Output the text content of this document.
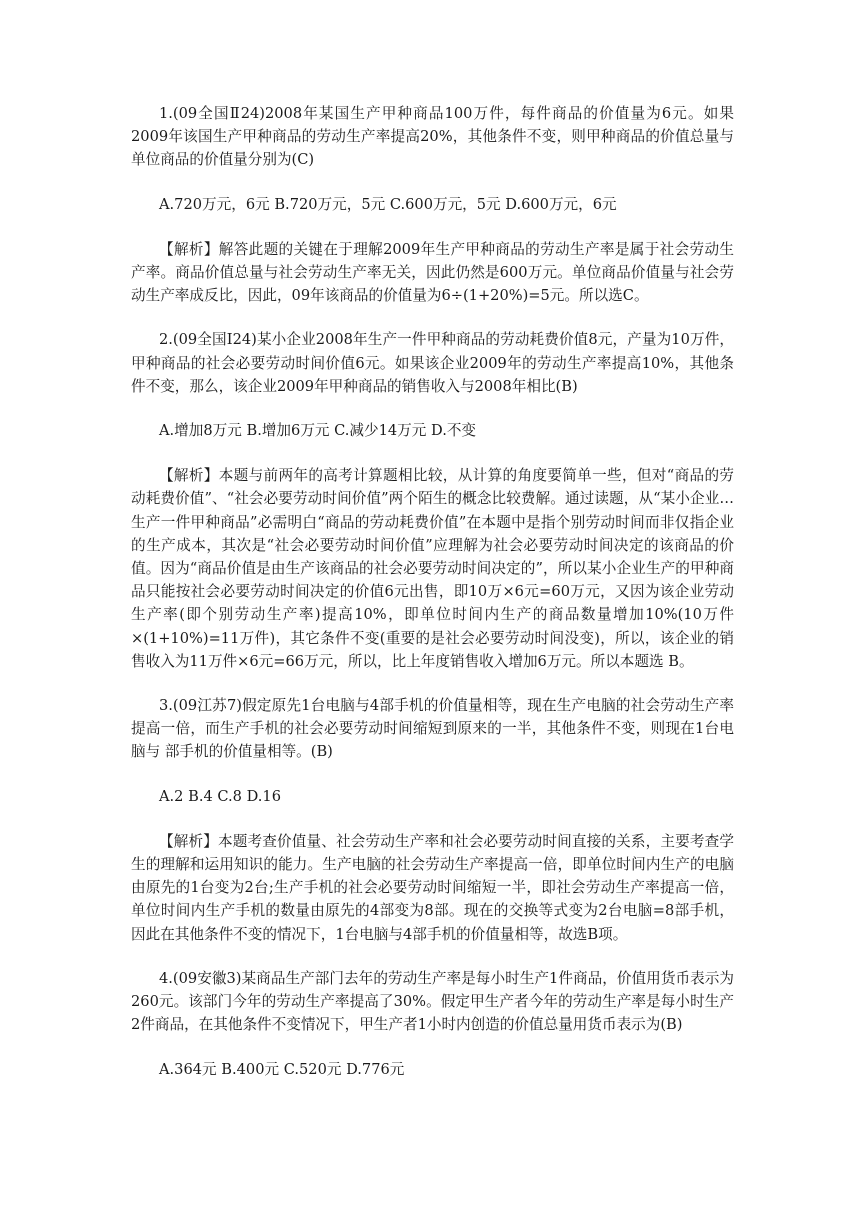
1.(09全国Ⅱ24)2008年某国生产甲种商品100万件，每件商品的价值量为6元。如果2009年该国生产甲种商品的劳动生产率提高20%，其他条件不变，则甲种商品的价值总量与单位商品的价值量分别为(C)

A.720万元，6元 B.720万元，5元 C.600万元，5元 D.600万元，6元

【解析】解答此题的关键在于理解2009年生产甲种商品的劳动生产率是属于社会劳动生产率。商品价值总量与社会劳动生产率无关，因此仍然是600万元。单位商品价值量与社会劳动生产率成反比，因此，09年该商品的价值量为6÷(1+20%)=5元。所以选C。

2.(09全国Ⅰ24)某小企业2008年生产一件甲种商品的劳动耗费价值8元，产量为10万件，甲种商品的社会必要劳动时间价值6元。如果该企业2009年的劳动生产率提高10%，其他条件不变，那么，该企业2009年甲种商品的销售收入与2008年相比(B)

A.增加8万元 B.增加6万元 C.减少14万元 D.不变

【解析】本题与前两年的高考计算题相比较，从计算的角度要简单一些，但对“商品的劳动耗费价值”、“社会必要劳动时间价值”两个陌生的概念比较费解。通过读题，从“某小企业…生产一件甲种商品”必需明白“商品的劳动耗费价值”在本题中是指个别劳动时间而非仅指企业的生产成本，其次是“社会必要劳动时间价值”应理解为社会必要劳动时间决定的该商品的价值。因为“商品价值是由生产该商品的社会必要劳动时间决定的”，所以某小企业生产的甲种商品只能按社会必要劳动时间决定的价值6元出售，即10万×6元=60万元，又因为该企业劳动生产率(即个别劳动生产率)提高10%，即单位时间内生产的商品数量增加10%(10万件×(1+10%)=11万件)，其它条件不变(重要的是社会必要劳动时间没变)，所以，该企业的销售收入为11万件×6元=66万元，所以，比上年度销售收入增加6万元。所以本题选 B。

3.(09江苏7)假定原先1台电脑与4部手机的价值量相等，现在生产电脑的社会劳动生产率提高一倍，而生产手机的社会必要劳动时间缩短到原来的一半，其他条件不变，则现在1台电脑与 部手机的价值量相等。(B)

A.2 B.4 C.8 D.16

【解析】本题考查价值量、社会劳动生产率和社会必要劳动时间直接的关系，主要考查学生的理解和运用知识的能力。生产电脑的社会劳动生产率提高一倍，即单位时间内生产的电脑由原先的1台变为2台;生产手机的社会必要劳动时间缩短一半，即社会劳动生产率提高一倍，单位时间内生产手机的数量由原先的4部变为8部。现在的交换等式变为2台电脑=8部手机，因此在其他条件不变的情况下，1台电脑与4部手机的价值量相等，故选B项。

4.(09安徽3)某商品生产部门去年的劳动生产率是每小时生产1件商品，价值用货币表示为260元。该部门今年的劳动生产率提高了30%。假定甲生产者今年的劳动生产率是每小时生产2件商品，在其他条件不变情况下，甲生产者1小时内创造的价值总量用货币表示为(B)

A.364元 B.400元 C.520元 D.776元
